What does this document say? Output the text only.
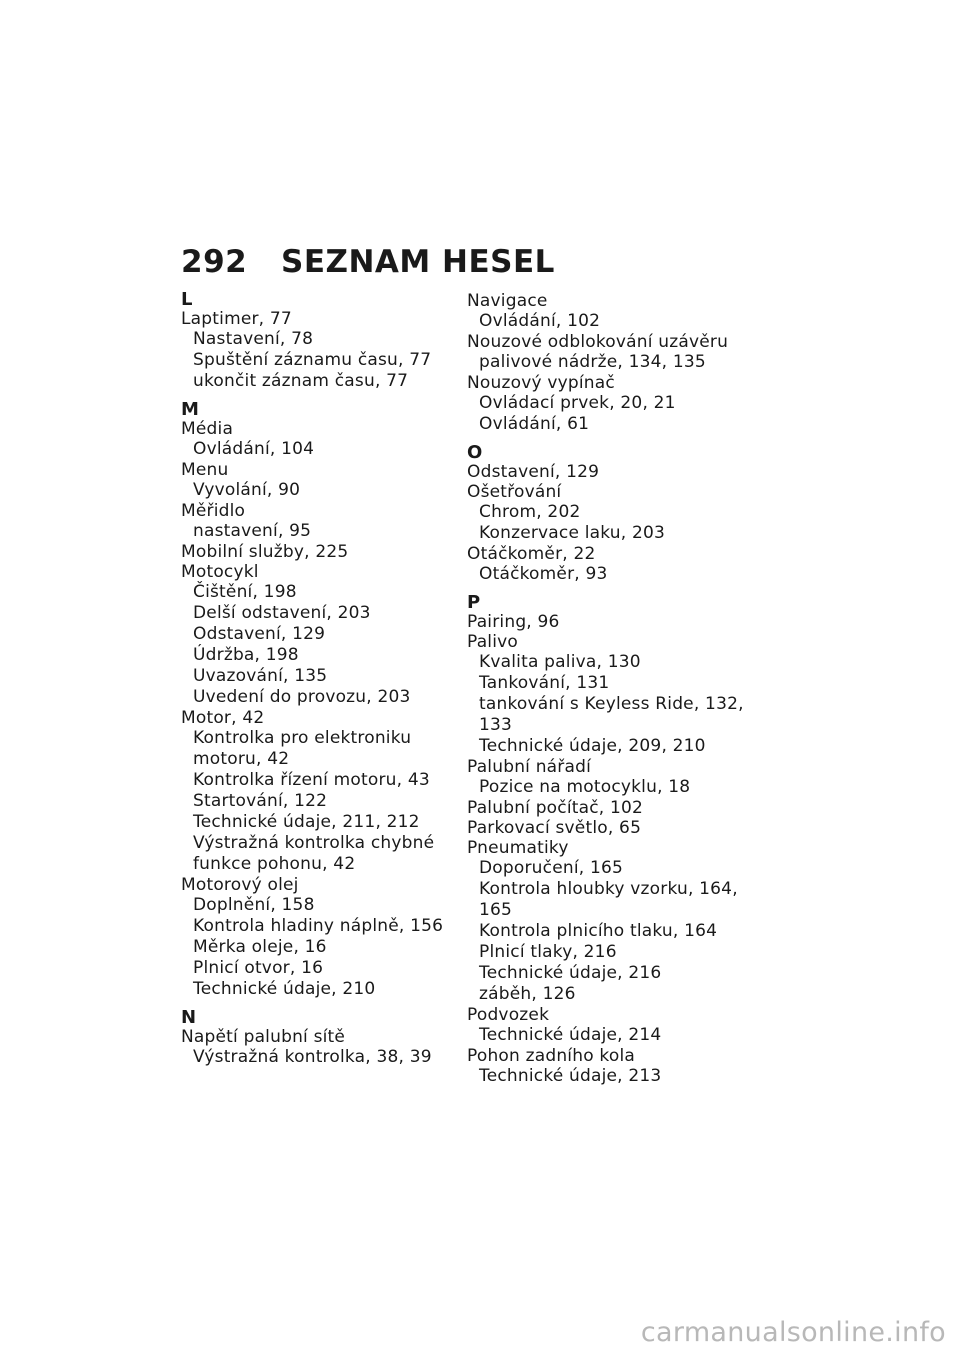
292	SEZNAM HESEL
L
Laptimer, 77
Nastavení, 78
Spuštění záznamu času, 77
ukončit záznam času, 77
M
Média
Ovládání, 104
Menu
Vyvolání, 90
Měřidlo
nastavení, 95
Mobilní služby, 225
Motocykl
Čištění, 198
Delší odstavení, 203
Odstavení, 129
Údržba, 198
Uvazování, 135
Uvedení do provozu, 203
Motor, 42
Kontrolka pro elektroniku
motoru, 42
Kontrolka řízení motoru, 43
Startování, 122
Technické údaje, 211, 212
Výstražná kontrolka chybné
funkce pohonu, 42
Motorový olej
Doplnění, 158
Kontrola hladiny náplně, 156
Měrka oleje, 16
Plnicí otvor, 16
Technické údaje, 210
N
Napětí palubní sítě
Výstražná kontrolka, 38, 39
Navigace
Ovládání, 102
Nouzové odblokování uzávěru
palivové nádrže, 134, 135
Nouzový vypínač
Ovládací prvek, 20, 21
Ovládání, 61
O
Odstavení, 129
Ošetřování
Chrom, 202
Konzervace laku, 203
Otáčkoměr, 22
Otáčkoměr, 93
P
Pairing, 96
Palivo
Kvalita paliva, 130
Tankování, 131
tankování s Keyless Ride, 132,
133
Technické údaje, 209, 210
Palubní nářadí
Pozice na motocyklu, 18
Palubní počítač, 102
Parkovací světlo, 65
Pneumatiky
Doporučení, 165
Kontrola hloubky vzorku, 164,
165
Kontrola plnicího tlaku, 164
Plnicí tlaky, 216
Technické údaje, 216
záběh, 126
Podvozek
Technické údaje, 214
Pohon zadního kola
Technické údaje, 213
carmanualsonline.info
